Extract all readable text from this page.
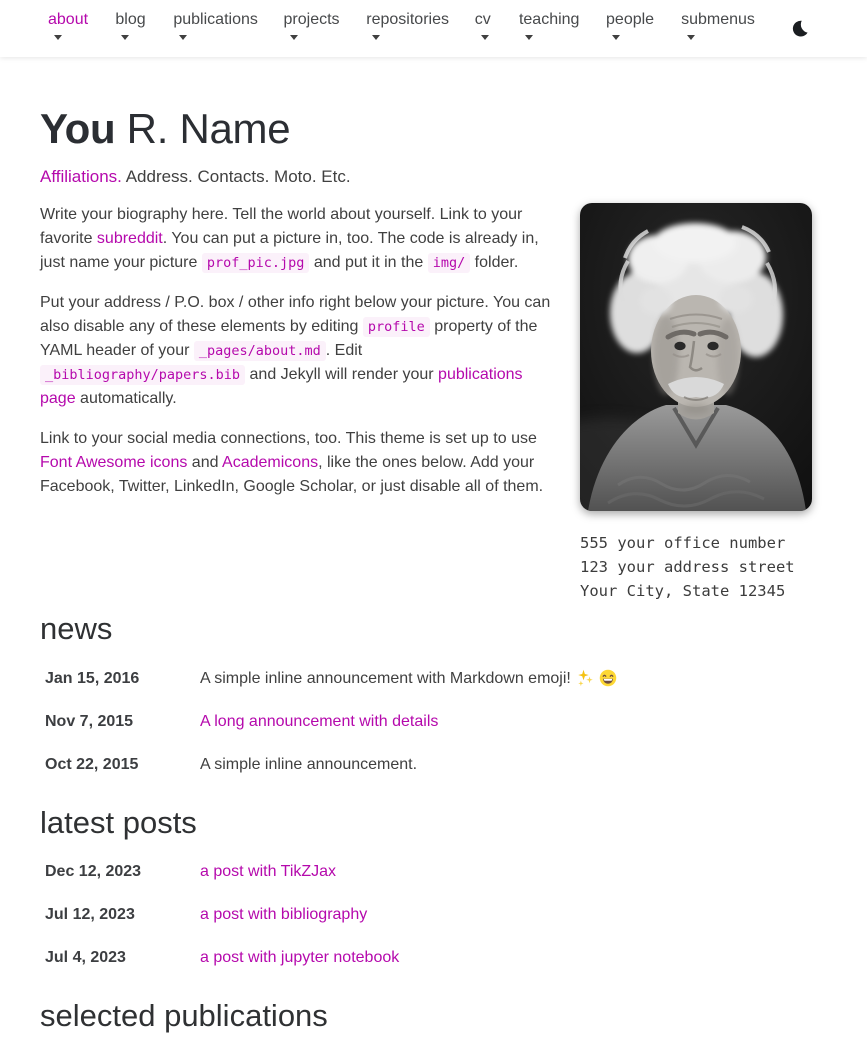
about	blog	publications	projects	repositories	cv	teaching	people	submenus
You R. Name

Affiliations. Address. Contacts. Moto. Etc.

555 your office number
123 your address street
Your City, State 12345

Write your biography here. Tell the world about yourself. Link to your favorite subreddit. You can put a picture in, too. The code is already in, just name your picture prof_pic.jpg and put it in the img/ folder.

Put your address / P.O. box / other info right below your picture. You can also disable any of these elements by editing profile property of the YAML header of your _pages/about.md . Edit _bibliography/papers.bib and Jekyll will render your publications page automatically.

Link to your social media connections, too. This theme is set up to use Font Awesome icons and Academicons, like the ones below. Add your Facebook, Twitter, LinkedIn, Google Scholar, or just disable all of them.

news
Jan 15, 2016	A simple inline announcement with Markdown emoji!
Nov 7, 2015	A long announcement with details
Oct 22, 2015	A simple inline announcement.
latest posts
Dec 12, 2023	a post with TikZJax
Jul 12, 2023	a post with bibliography
Jul 4, 2023	a post with jupyter notebook
selected publications
